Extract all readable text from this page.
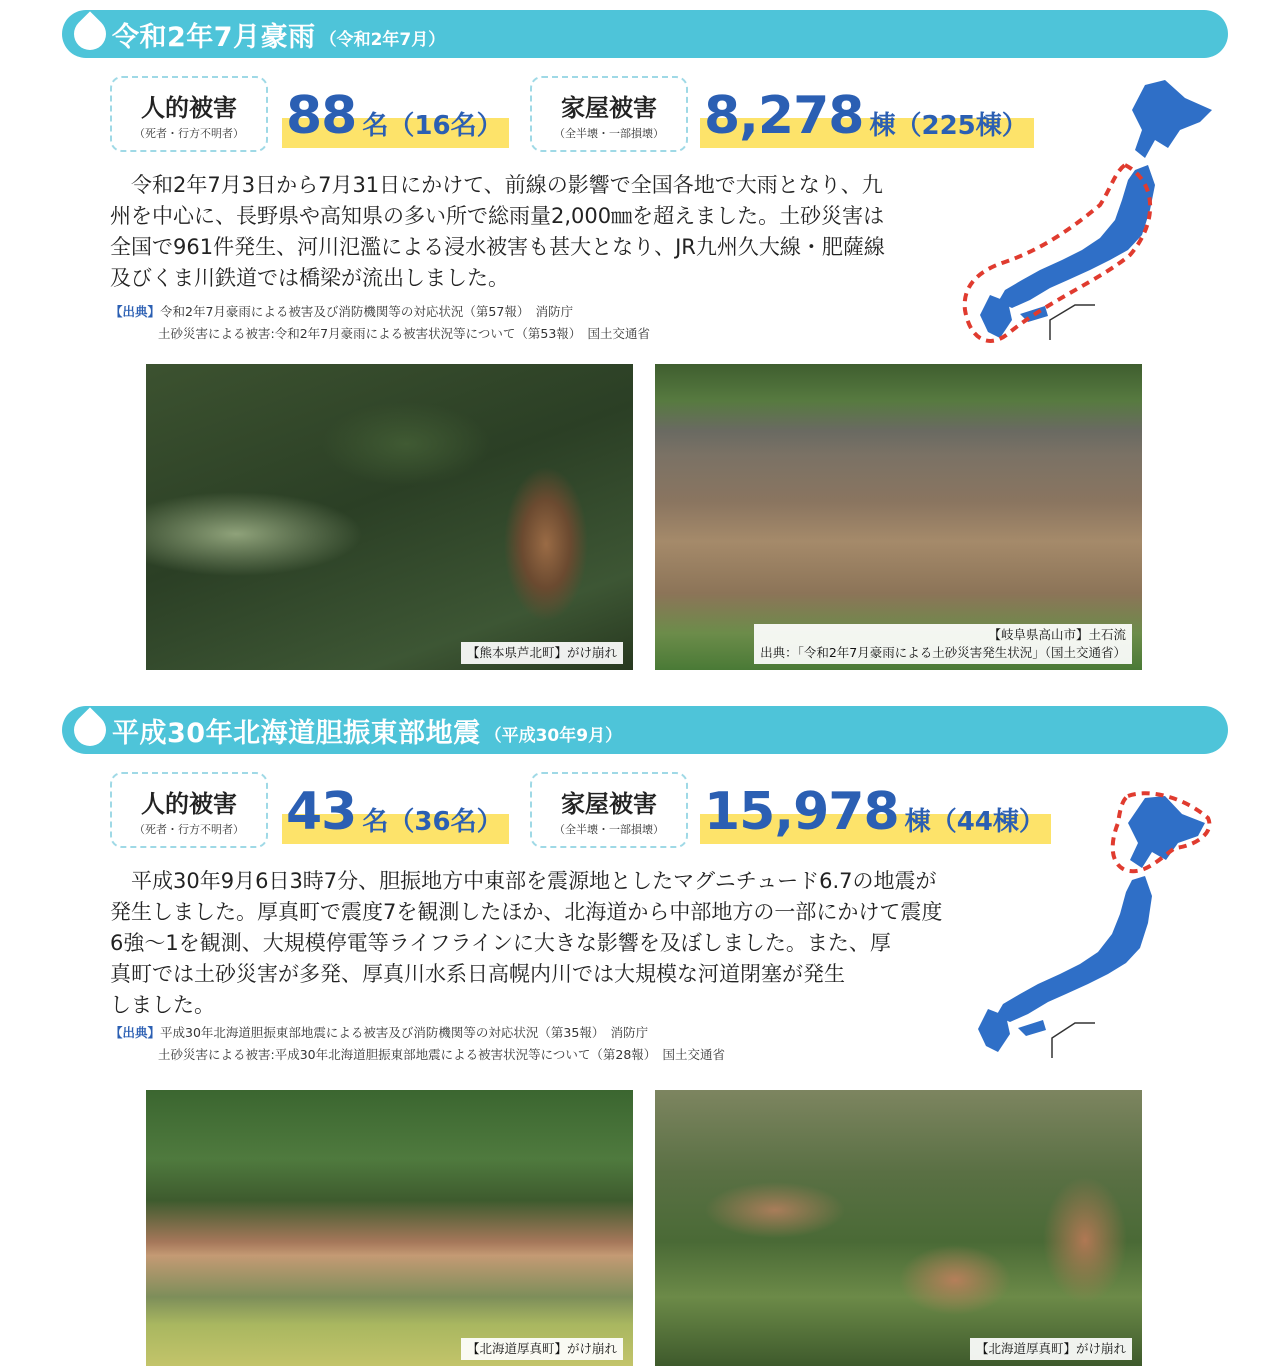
令和2年7月豪雨 （令和2年7月）
人的被害
（死者・行方不明者） 88 名 （16名）
家屋被害
（全半壊・一部損壊） 8,278 棟 （225棟）

　令和2年7月3日から7月31日にかけて、前線の影響で全国各地で大雨となり、九

州を中心に、長野県や高知県の多い所で総雨量2,000㎜を超えました。土砂災害は

全国で961件発生、河川氾濫による浸水被害も甚大となり、JR九州久大線・肥薩線

及びくま川鉄道では橋梁が流出しました。

【出典】令和2年7月豪雨による被害及び消防機関等の対応状況（第57報）　消防庁
土砂災害による被害:令和2年7月豪雨による被害状況等について（第53報）　国土交通省
【熊本県芦北町】がけ崩れ
【岐阜県高山市】土石流
出典：「令和2年7月豪雨による土砂災害発生状況」（国土交通省）
平成30年北海道胆振東部地震 （平成30年9月）
人的被害
（死者・行方不明者） 43 名 （36名）
家屋被害
（全半壊・一部損壊） 15,978 棟 （44棟）

　平成30年9月6日3時7分、胆振地方中東部を震源地としたマグニチュード6.7の地震が

発生しました。厚真町で震度7を観測したほか、北海道から中部地方の一部にかけて震度

6強〜1を観測、大規模停電等ライフラインに大きな影響を及ぼしました。また、厚

真町では土砂災害が多発、厚真川水系日高幌内川では大規模な河道閉塞が発生

しました。

【出典】平成30年北海道胆振東部地震による被害及び消防機関等の対応状況（第35報）　消防庁
土砂災害による被害:平成30年北海道胆振東部地震による被害状況等について（第28報）　国土交通省
【北海道厚真町】がけ崩れ	【北海道厚真町】がけ崩れ
